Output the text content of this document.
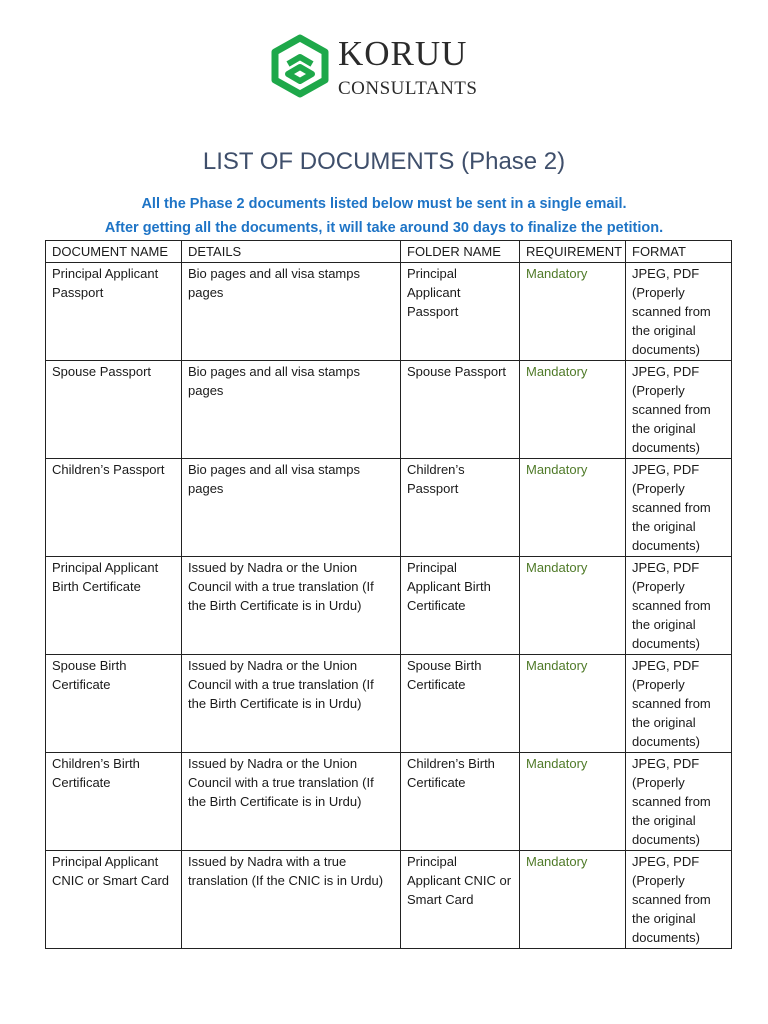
KORUU
CONSULTANTS
LIST OF DOCUMENTS (Phase 2)
All the Phase 2 documents listed below must be sent in a single email.
After getting all the documents, it will take around 30 days to finalize the petition.
DOCUMENT NAME	DETAILS	FOLDER NAME	REQUIREMENT	FORMAT
Principal Applicant Passport	Bio pages and all visa stamps pages	Principal Applicant Passport	Mandatory	JPEG, PDF (Properly scanned from the original documents)
Spouse Passport	Bio pages and all visa stamps pages	Spouse Passport	Mandatory	JPEG, PDF (Properly scanned from the original documents)
Children’s Passport	Bio pages and all visa stamps pages	Children’s Passport	Mandatory	JPEG, PDF (Properly scanned from the original documents)
Principal Applicant Birth Certificate	Issued by Nadra or the Union Council with a true translation (If the Birth Certificate is in Urdu)	Principal Applicant Birth Certificate	Mandatory	JPEG, PDF (Properly scanned from the original documents)
Spouse Birth Certificate	Issued by Nadra or the Union Council with a true translation (If the Birth Certificate is in Urdu)	Spouse Birth Certificate	Mandatory	JPEG, PDF (Properly scanned from the original documents)
Children’s Birth Certificate	Issued by Nadra or the Union Council with a true translation (If the Birth Certificate is in Urdu)	Children’s Birth Certificate	Mandatory	JPEG, PDF (Properly scanned from the original documents)
Principal Applicant CNIC or Smart Card	Issued by Nadra with a true translation (If the CNIC is in Urdu)	Principal Applicant CNIC or Smart Card	Mandatory	JPEG, PDF (Properly scanned from the original documents)
